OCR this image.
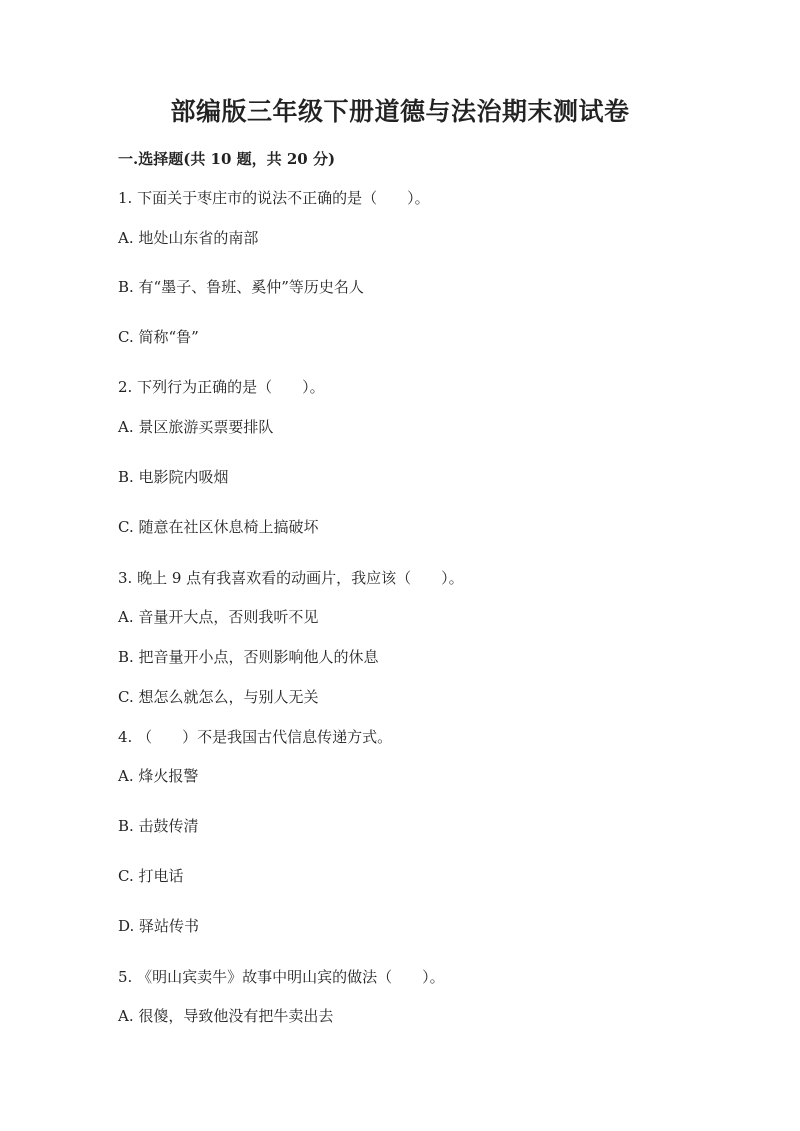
部编版三年级下册道德与法治期末测试卷
一.选择题(共 10 题，共 20 分)
1. 下面关于枣庄市的说法不正确的是（　　）。
A. 地处山东省的南部
B. 有“墨子、鲁班、奚仲”等历史名人
C. 简称“鲁”
2. 下列行为正确的是（　　）。
A. 景区旅游买票要排队
B. 电影院内吸烟
C. 随意在社区休息椅上搞破坏
3. 晚上 9 点有我喜欢看的动画片，我应该（　　）。
A. 音量开大点，否则我听不见
B. 把音量开小点，否则影响他人的休息
C. 想怎么就怎么，与别人无关
4. （　　）不是我国古代信息传递方式。
A. 烽火报警
B. 击鼓传清
C. 打电话
D. 驿站传书
5. 《明山宾卖牛》故事中明山宾的做法（　　）。
A. 很傻，导致他没有把牛卖出去
